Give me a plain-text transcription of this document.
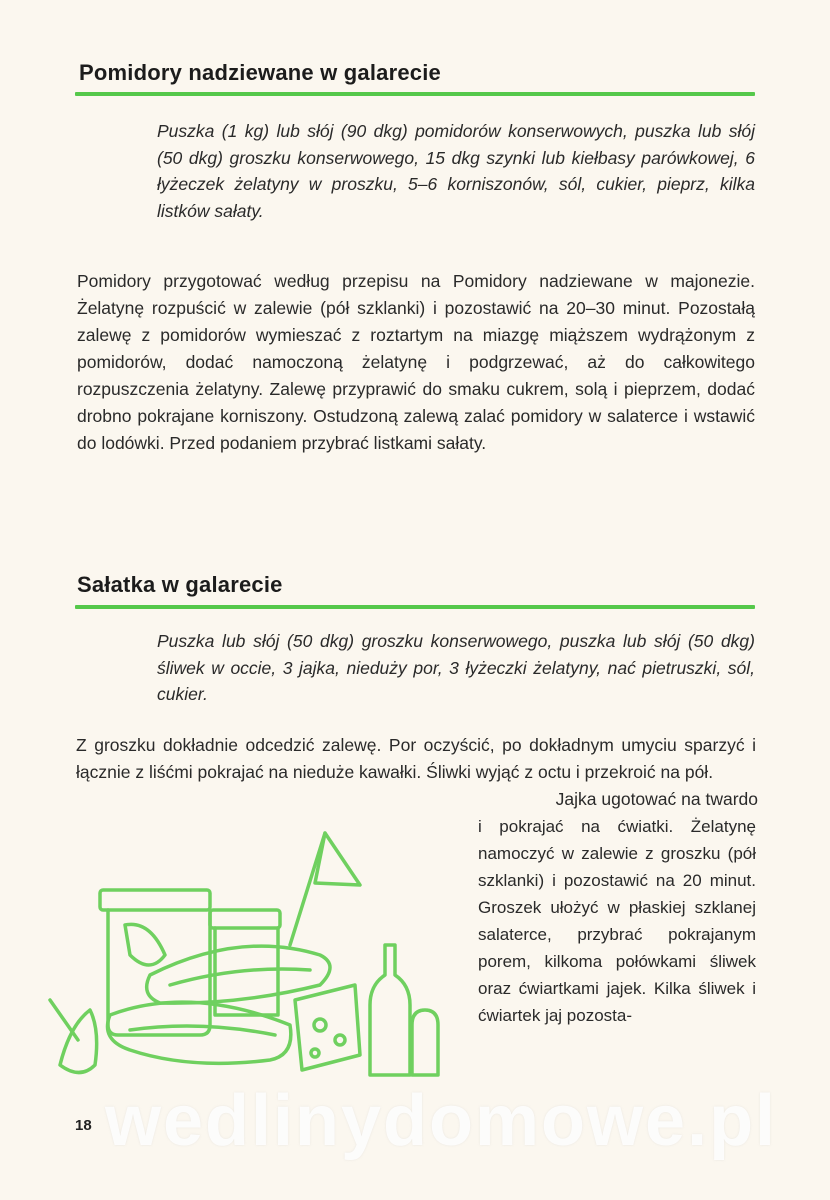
Pomidory nadziewane w galarecie

Puszka (1 kg) lub słój (90 dkg) pomidorów konserwowych, puszka lub słój (50 dkg) groszku konserwowego, 15 dkg szynki lub kiełbasy parówkowej, 6 łyżeczek żelatyny w proszku, 5–6 korniszonów, sól, cukier, pieprz, kilka listków sałaty.

Pomidory przygotować według przepisu na Pomidory nadziewane w majonezie. Żelatynę rozpuścić w zalewie (pół szklanki) i pozostawić na 20–30 minut. Pozostałą zalewę z pomidorów wymieszać z roztartym na miazgę miąższem wydrążonym z pomidorów, dodać namoczoną żelatynę i podgrzewać, aż do całkowitego rozpuszczenia żelatyny. Zalewę przyprawić do smaku cukrem, solą i pieprzem, dodać drobno pokrajane korniszony. Ostudzoną zalewą zalać pomidory w salaterce i wstawić do lodówki. Przed podaniem przybrać listkami sałaty.

Sałatka w galarecie

Puszka lub słój (50 dkg) groszku konserwowego, puszka lub słój (50 dkg) śliwek w occie, 3 jajka, nieduży por, 3 łyżeczki żelatyny, nać pietruszki, sól, cukier.

Z groszku dokładnie odcedzić zalewę. Por oczyścić, po dokładnym umyciu sparzyć i łącznie z liśćmi pokrajać na nieduże kawałki. Śliwki wyjąć z octu i przekroić na pół.

Jajka ugotować na twardo

i pokrajać na ćwiatki. Żelatynę namoczyć w zalewie z groszku (pół szklanki) i pozostawić na 20 minut. Groszek ułożyć w płaskiej szklanej salaterce, przybrać pokrajanym porem, kilkoma połówkami śliwek oraz ćwiartkami jajek. Kilka śliwek i ćwiartek jaj pozosta-

18 wedlinydomowe.pl
